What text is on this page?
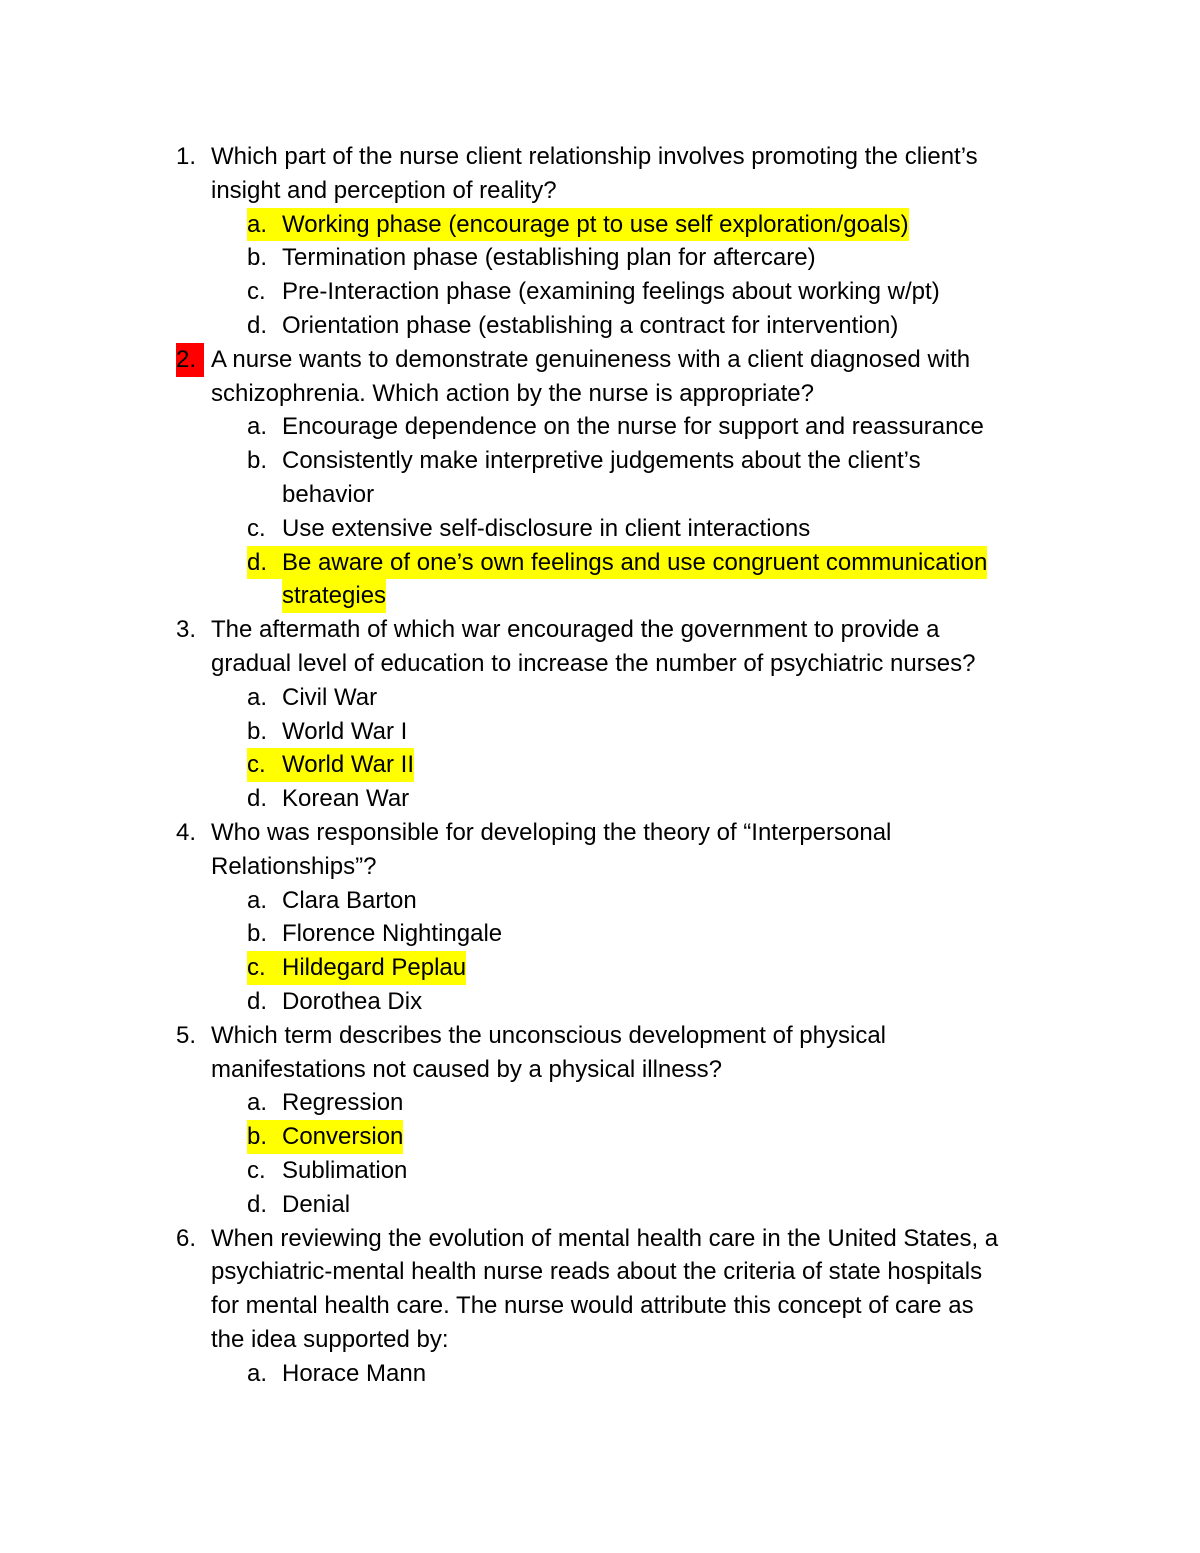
1. Which part of the nurse client relationship involves promoting the client’s
insight and perception of reality?
a. Working phase (encourage pt to use self exploration/goals)
b. Termination phase (establishing plan for aftercare)
c. Pre-Interaction phase (examining feelings about working w/pt)
d. Orientation phase (establishing a contract for intervention)
2. A nurse wants to demonstrate genuineness with a client diagnosed with
schizophrenia. Which action by the nurse is appropriate?
a. Encourage dependence on the nurse for support and reassurance
b. Consistently make interpretive judgements about the client’s
behavior
c. Use extensive self-disclosure in client interactions
d. Be aware of one’s own feelings and use congruent communication
strategies
3. The aftermath of which war encouraged the government to provide a
gradual level of education to increase the number of psychiatric nurses?
a. Civil War
b. World War I
c. World War II
d. Korean War
4. Who was responsible for developing the theory of “Interpersonal
Relationships”?
a. Clara Barton
b. Florence Nightingale
c. Hildegard Peplau
d. Dorothea Dix
5. Which term describes the unconscious development of physical
manifestations not caused by a physical illness?
a. Regression
b. Conversion
c. Sublimation
d. Denial
6. When reviewing the evolution of mental health care in the United States, a
psychiatric-mental health nurse reads about the criteria of state hospitals
for mental health care. The nurse would attribute this concept of care as
the idea supported by:
a. Horace Mann
